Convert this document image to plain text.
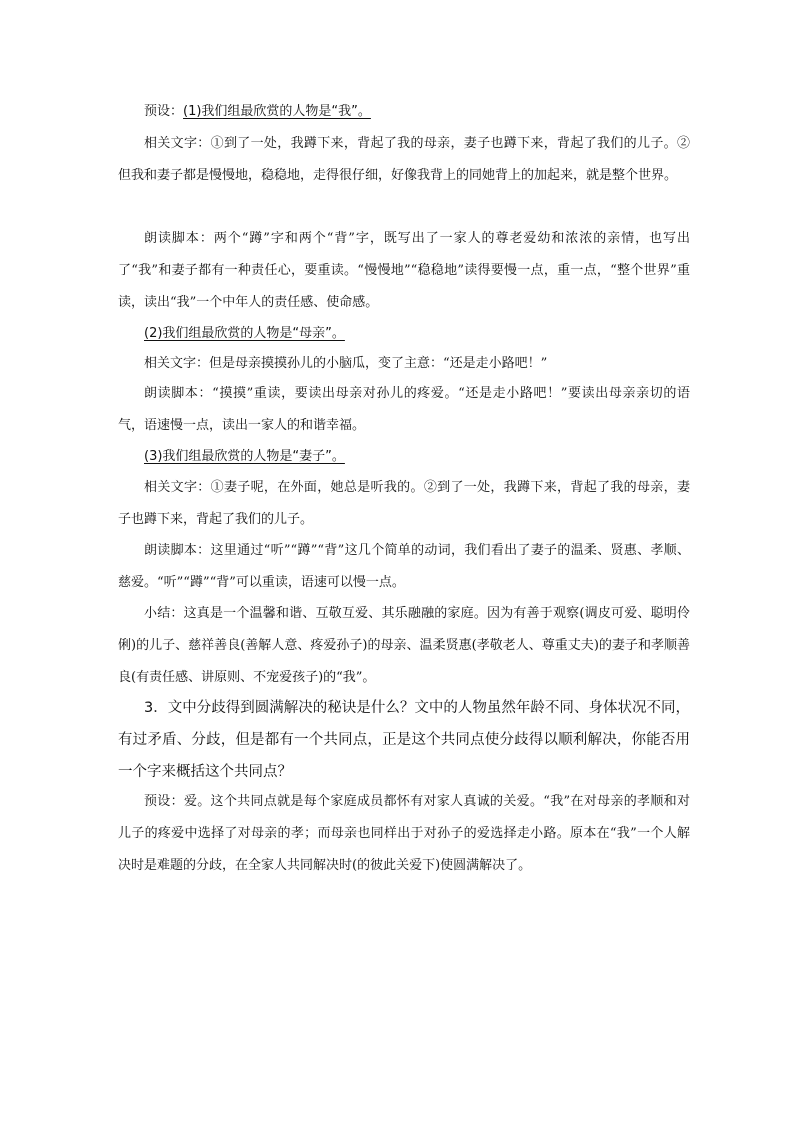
预设：(1)我们组最欣赏的人物是“我”。

相关文字：①到了一处，我蹲下来，背起了我的母亲，妻子也蹲下来，背起了我们的儿子。②但我和妻子都是慢慢地，稳稳地，走得很仔细，好像我背上的同她背上的加起来，就是整个世界。

朗读脚本：两个“蹲”字和两个“背”字，既写出了一家人的尊老爱幼和浓浓的亲情，也写出了“我”和妻子都有一种责任心，要重读。“慢慢地”“稳稳地”读得要慢一点，重一点，“整个世界”重读，读出“我”一个中年人的责任感、使命感。

(2)我们组最欣赏的人物是“母亲”。

相关文字：但是母亲摸摸孙儿的小脑瓜，变了主意：“还是走小路吧！”

朗读脚本：“摸摸”重读，要读出母亲对孙儿的疼爱。“还是走小路吧！”要读出母亲亲切的语气，语速慢一点，读出一家人的和谐幸福。

(3)我们组最欣赏的人物是“妻子”。

相关文字：①妻子呢，在外面，她总是听我的。②到了一处，我蹲下来，背起了我的母亲，妻子也蹲下来，背起了我们的儿子。

朗读脚本：这里通过“听”“蹲”“背”这几个简单的动词，我们看出了妻子的温柔、贤惠、孝顺、慈爱。“听”“蹲”“背”可以重读，语速可以慢一点。

小结：这真是一个温馨和谐、互敬互爱、其乐融融的家庭。因为有善于观察(调皮可爱、聪明伶俐)的儿子、慈祥善良(善解人意、疼爱孙子)的母亲、温柔贤惠(孝敬老人、尊重丈夫)的妻子和孝顺善良(有责任感、讲原则、不宠爱孩子)的“我”。

3．文中分歧得到圆满解决的秘诀是什么？文中的人物虽然年龄不同、身体状况不同，有过矛盾、分歧，但是都有一个共同点，正是这个共同点使分歧得以顺利解决，你能否用一个字来概括这个共同点？

预设：爱。这个共同点就是每个家庭成员都怀有对家人真诚的关爱。“我”在对母亲的孝顺和对儿子的疼爱中选择了对母亲的孝；而母亲也同样出于对孙子的爱选择走小路。原本在“我”一个人解决时是难题的分歧，在全家人共同解决时(的彼此关爱下)使圆满解决了。
